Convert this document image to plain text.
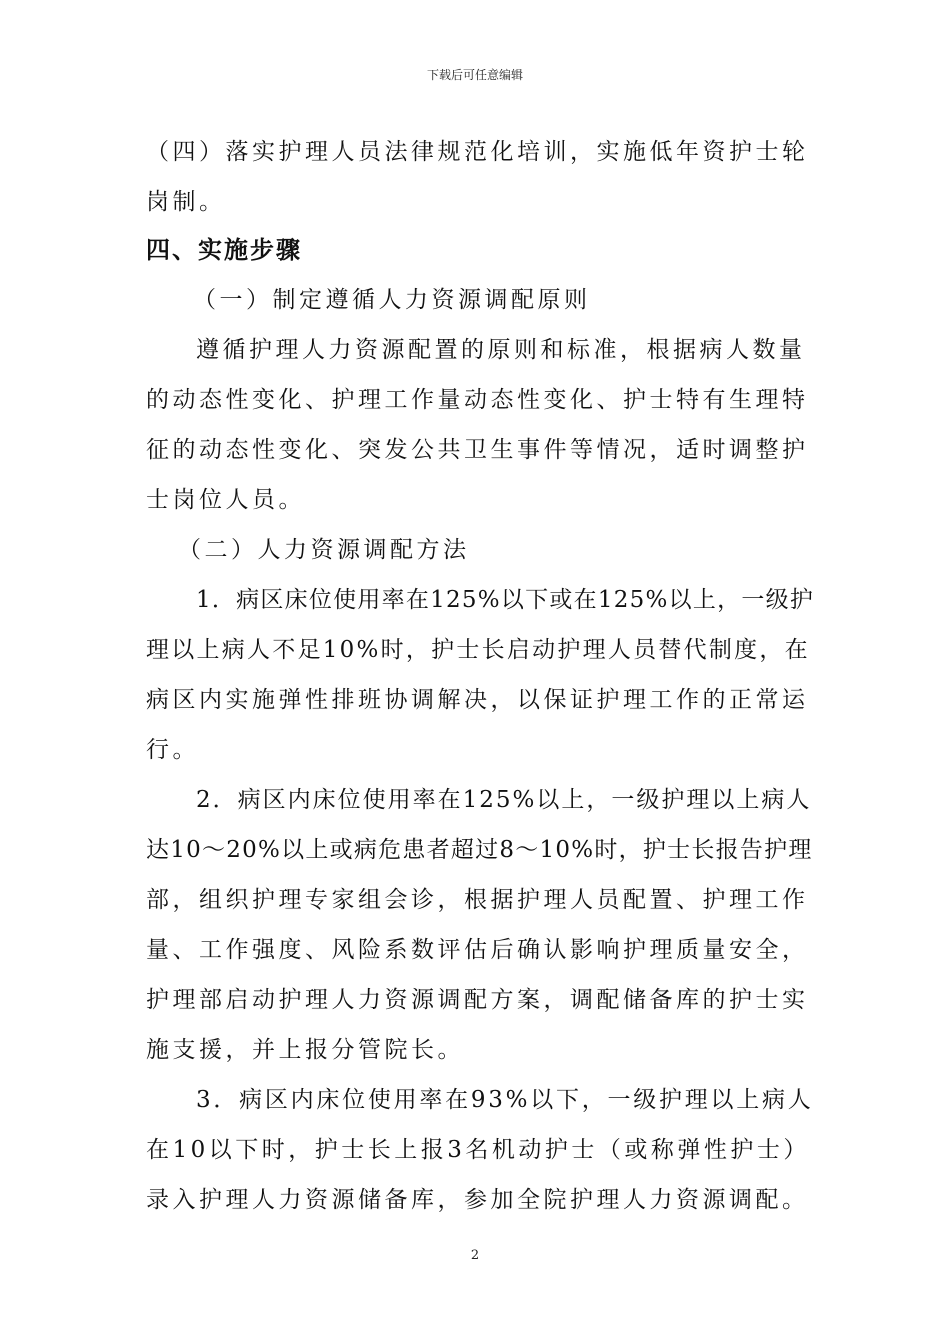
下载后可任意编辑
（四）落实护理人员法律规范化培训，实施低年资护士轮
岗制。
四、实施步骤
（一）制定遵循人力资源调配原则
遵循护理人力资源配置的原则和标准，根据病人数量
的动态性变化、护理工作量动态性变化、护士特有生理特
征的动态性变化、突发公共卫生事件等情况，适时调整护
士岗位人员。
（二）人力资源调配方法
1．病区床位使用率在125%以下或在125%以上，一级护
理以上病人不足10%时，护士长启动护理人员替代制度，在
病区内实施弹性排班协调解决，以保证护理工作的正常运
行。
2．病区内床位使用率在125%以上，一级护理以上病人
达10～20%以上或病危患者超过8～10%时，护士长报告护理
部，组织护理专家组会诊，根据护理人员配置、护理工作
量、工作强度、风险系数评估后确认影响护理质量安全，
护理部启动护理人力资源调配方案，调配储备库的护士实
施支援，并上报分管院长。
3．病区内床位使用率在93%以下，一级护理以上病人
在10以下时，护士长上报3名机动护士（或称弹性护士）
录入护理人力资源储备库，参加全院护理人力资源调配。
2
